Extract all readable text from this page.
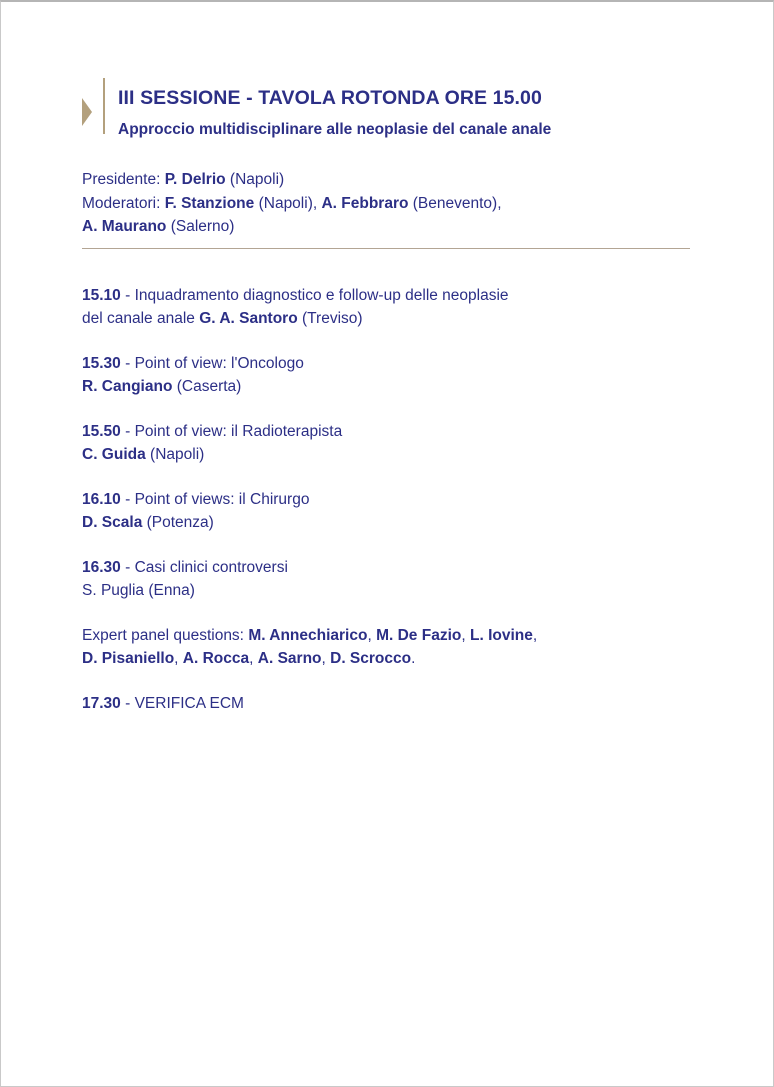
III SESSIONE - TAVOLA ROTONDA ORE 15.00
Approccio multidisciplinare alle neoplasie del canale anale

Presidente: P. Delrio (Napoli)

Moderatori: F. Stanzione (Napoli), A. Febbraro (Benevento),

A. Maurano (Salerno)

15.10 - Inquadramento diagnostico e follow-up delle neoplasie

del canale anale G. A. Santoro (Treviso)

15.30 - Point of view: l'Oncologo

R. Cangiano (Caserta)

15.50 - Point of view: il Radioterapista

C. Guida (Napoli)

16.10 - Point of views: il Chirurgo

D. Scala (Potenza)

16.30 - Casi clinici controversi

S. Puglia (Enna)

Expert panel questions: M. Annechiarico, M. De Fazio, L. Iovine,

D. Pisaniello, A. Rocca, A. Sarno, D. Scrocco.

17.30 - VERIFICA ECM
